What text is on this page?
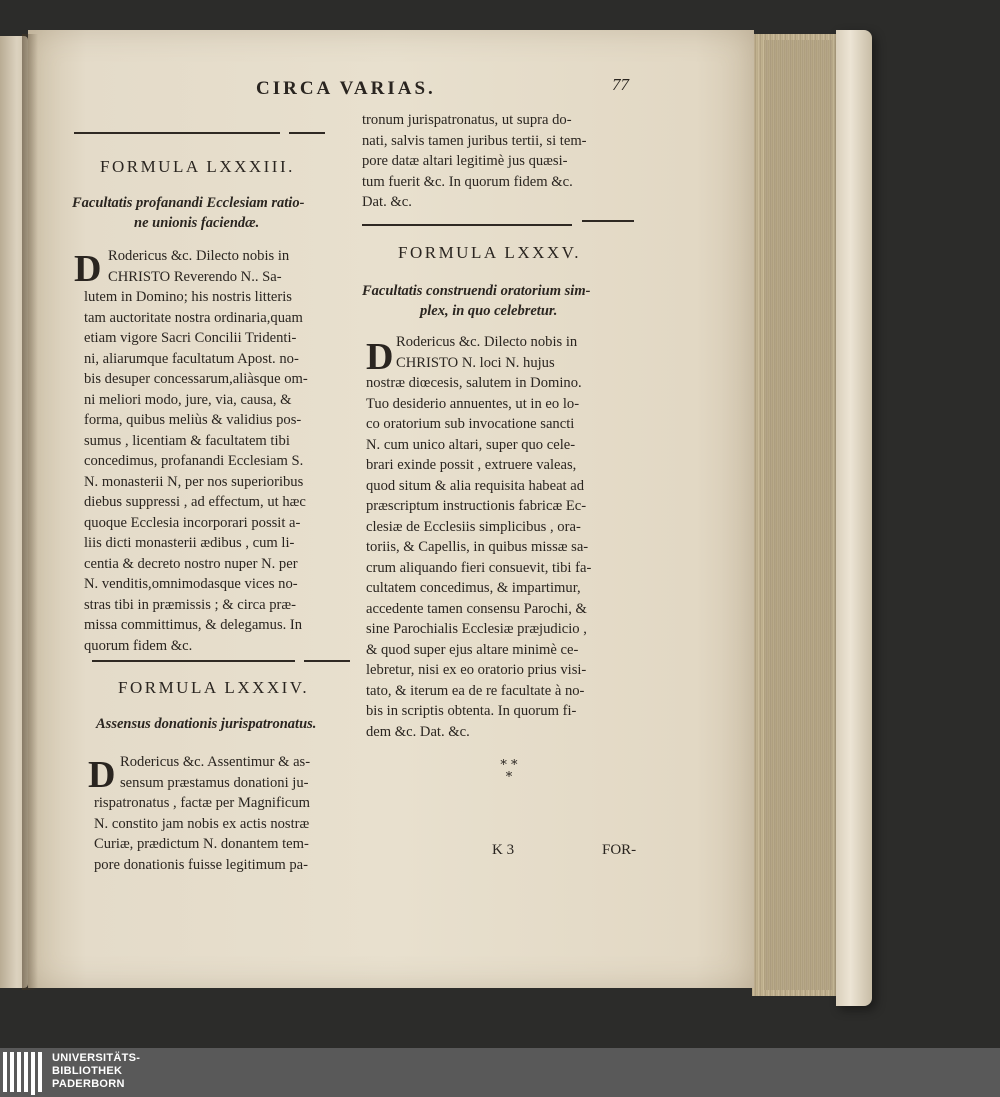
CIRCA VARIAS.	77
FORMULA LXXXIII.
Facultatis profanandi Ecclesiam ratio-
ne unionis faciendæ.
D Rodericus &c. Dilecto nobis in
CHRISTO Reverendo N.. Sa-
lutem in Domino; his nostris litteris
tam auctoritate nostra ordinaria,quam
etiam vigore Sacri Concilii Tridenti-
ni, aliarumque facultatum Apost. no-
bis desuper concessarum,aliàsque om-
ni meliori modo, jure, via, causa, &
forma, quibus meliùs & validius pos-
sumus , licentiam & facultatem tibi
concedimus, profanandi Ecclesiam S.
N. monasterii N, per nos superioribus
diebus suppressi , ad effectum, ut hæc
quoque Ecclesia incorporari possit a-
liis dicti monasterii ædibus , cum li-
centia & decreto nostro nuper N. per
N. venditis,omnimodasque vices no-
stras tibi in præmissis ; & circa præ-
missa committimus, & delegamus. In
quorum fidem &c.
FORMULA LXXXIV.
Assensus donationis jurispatronatus.
D Rodericus &c. Assentimur & as-
sensum præstamus donationi ju-
rispatronatus , factæ per Magnificum
N. constito jam nobis ex actis nostræ
Curiæ, prædictum N. donantem tem-
pore donationis fuisse legitimum pa-
tronum jurispatronatus, ut supra do-
nati, salvis tamen juribus tertii, si tem-
pore datæ altari legitimè jus quæsi-
tum fuerit &c. In quorum fidem &c.
Dat. &c.
FORMULA LXXXV.
Facultatis construendi oratorium sim-
plex, in quo celebretur.
D Rodericus &c. Dilecto nobis in
CHRISTO N. loci N. hujus
nostræ diœcesis, salutem in Domino.
Tuo desiderio annuentes, ut in eo lo-
co oratorium sub invocatione sancti
N. cum unico altari, super quo cele-
brari exinde possit , extruere valeas,
quod situm & alia requisita habeat ad
præscriptum instructionis fabricæ Ec-
clesiæ de Ecclesiis simplicibus , ora-
toriis, & Capellis, in quibus missæ sa-
crum aliquando fieri consuevit, tibi fa-
cultatem concedimus, & impartimur,
accedente tamen consensu Parochi, &
sine Parochialis Ecclesiæ præjudicio ,
& quod super ejus altare minimè ce-
lebretur, nisi ex eo oratorio prius visi-
tato, & iterum ea de re facultate à no-
bis in scriptis obtenta. In quorum fi-
dem &c. Dat. &c.
* *
*
K 3	FOR-
UNIVERSITÄTS-
BIBLIOTHEK
PADERBORN
